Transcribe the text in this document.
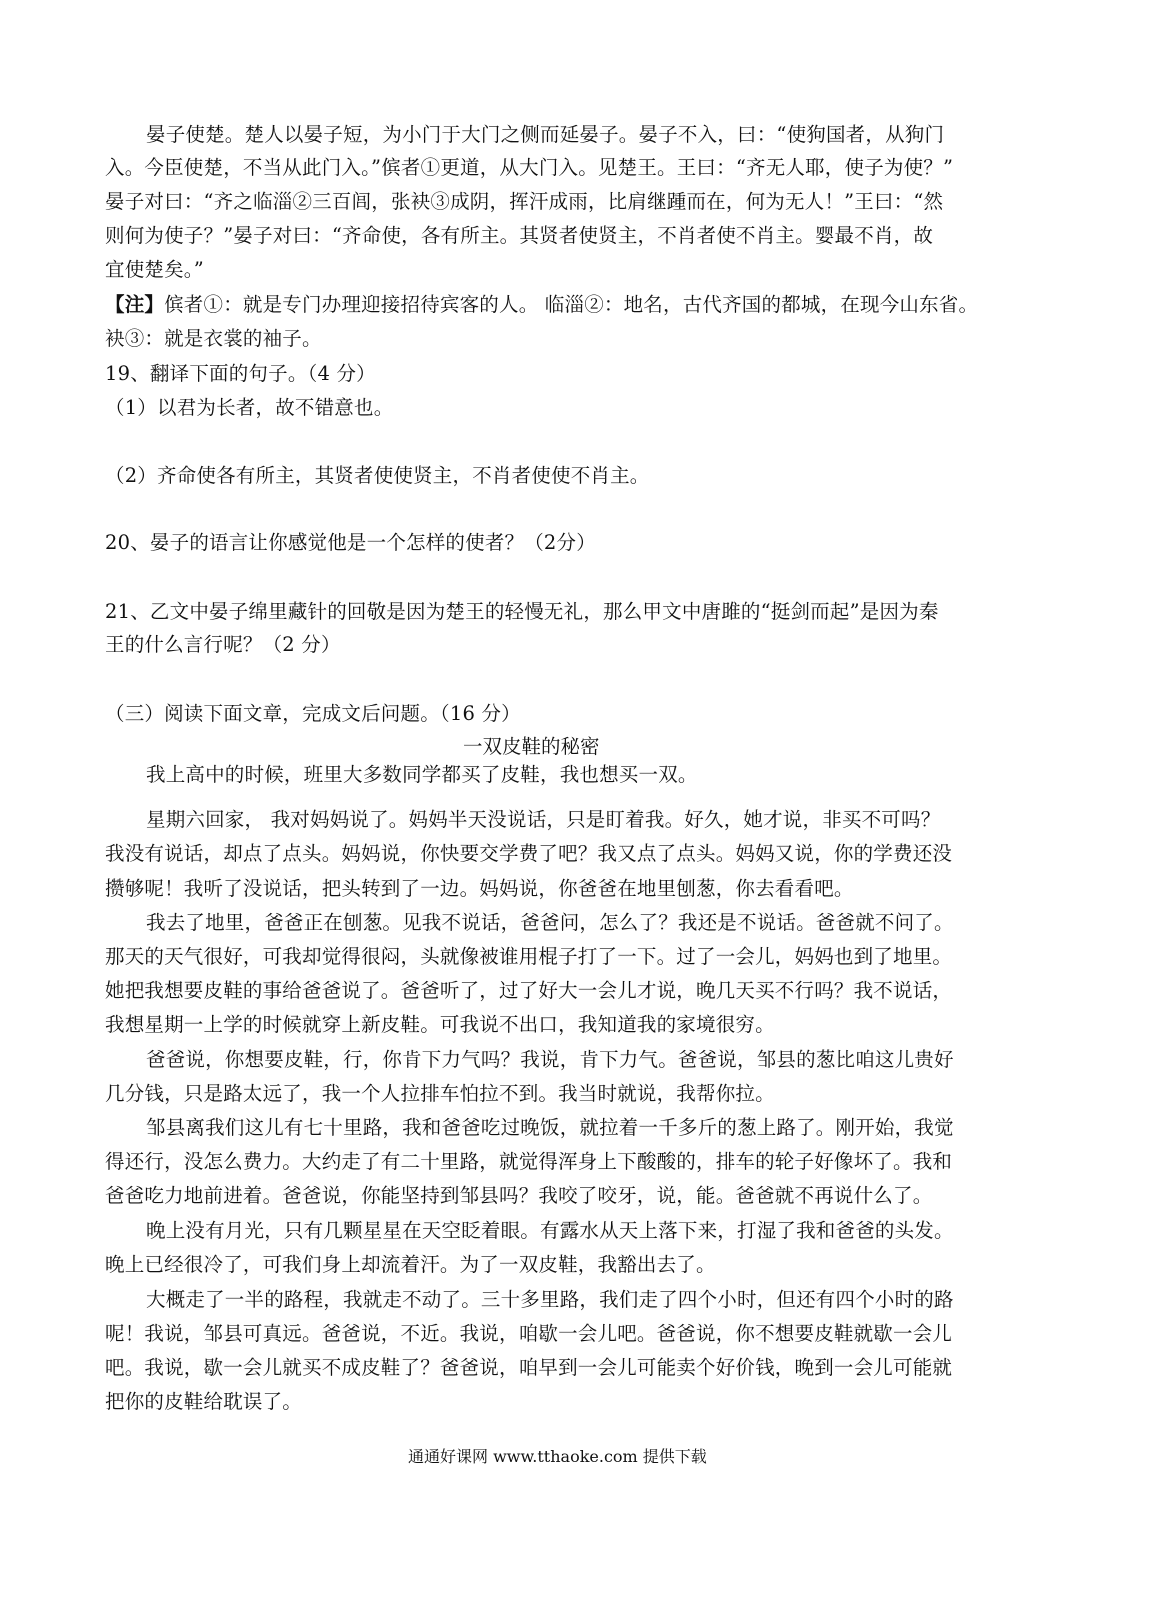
晏子使楚。楚人以晏子短，为小门于大门之侧而延晏子。晏子不入，曰：“使狗国者，从狗门
入。今臣使楚，不当从此门入。”傧者①更道，从大门入。见楚王。王曰：“齐无人耶，使子为使？”
晏子对曰：“齐之临淄②三百闾，张袂③成阴，挥汗成雨，比肩继踵而在，何为无人！”王曰：“然
则何为使子？”晏子对曰：“齐命使，各有所主。其贤者使贤主，不肖者使不肖主。婴最不肖，故
宜使楚矣。”
【注】傧者①：就是专门办理迎接招待宾客的人。 临淄②：地名，古代齐国的都城，在现今山东省。
袂③：就是衣裳的袖子。
19、翻译下面的句子。（4 分）
（1）以君为长者，故不错意也。
（2）齐命使各有所主，其贤者使使贤主，不肖者使使不肖主。
20、晏子的语言让你感觉他是一个怎样的使者？（2分）
21、乙文中晏子绵里藏针的回敬是因为楚王的轻慢无礼，那么甲文中唐雎的“挺剑而起”是因为秦
王的什么言行呢？（2 分）
（三）阅读下面文章，完成文后问题。（16 分）
一双皮鞋的秘密
我上高中的时候，班里大多数同学都买了皮鞋，我也想买一双。
星期六回家， 我对妈妈说了。妈妈半天没说话，只是盯着我。好久，她才说，非买不可吗？
我没有说话，却点了点头。妈妈说，你快要交学费了吧？我又点了点头。妈妈又说，你的学费还没
攒够呢！我听了没说话，把头转到了一边。妈妈说，你爸爸在地里刨葱，你去看看吧。
我去了地里，爸爸正在刨葱。见我不说话，爸爸问，怎么了？我还是不说话。爸爸就不问了。
那天的天气很好，可我却觉得很闷，头就像被谁用棍子打了一下。过了一会儿，妈妈也到了地里。
她把我想要皮鞋的事给爸爸说了。爸爸听了，过了好大一会儿才说，晚几天买不行吗？我不说话，
我想星期一上学的时候就穿上新皮鞋。可我说不出口，我知道我的家境很穷。
爸爸说，你想要皮鞋，行，你肯下力气吗？我说，肯下力气。爸爸说，邹县的葱比咱这儿贵好
几分钱，只是路太远了，我一个人拉排车怕拉不到。我当时就说，我帮你拉。
邹县离我们这儿有七十里路，我和爸爸吃过晚饭，就拉着一千多斤的葱上路了。刚开始，我觉
得还行，没怎么费力。大约走了有二十里路，就觉得浑身上下酸酸的，排车的轮子好像坏了。我和
爸爸吃力地前进着。爸爸说，你能坚持到邹县吗？我咬了咬牙，说，能。爸爸就不再说什么了。
晚上没有月光，只有几颗星星在天空眨着眼。有露水从天上落下来，打湿了我和爸爸的头发。
晚上已经很冷了，可我们身上却流着汗。为了一双皮鞋，我豁出去了。
大概走了一半的路程，我就走不动了。三十多里路，我们走了四个小时，但还有四个小时的路
呢！我说，邹县可真远。爸爸说，不近。我说，咱歇一会儿吧。爸爸说，你不想要皮鞋就歇一会儿
吧。我说，歇一会儿就买不成皮鞋了？爸爸说，咱早到一会儿可能卖个好价钱，晚到一会儿可能就
把你的皮鞋给耽误了。
通通好课网 www.tthaoke.com 提供下载
